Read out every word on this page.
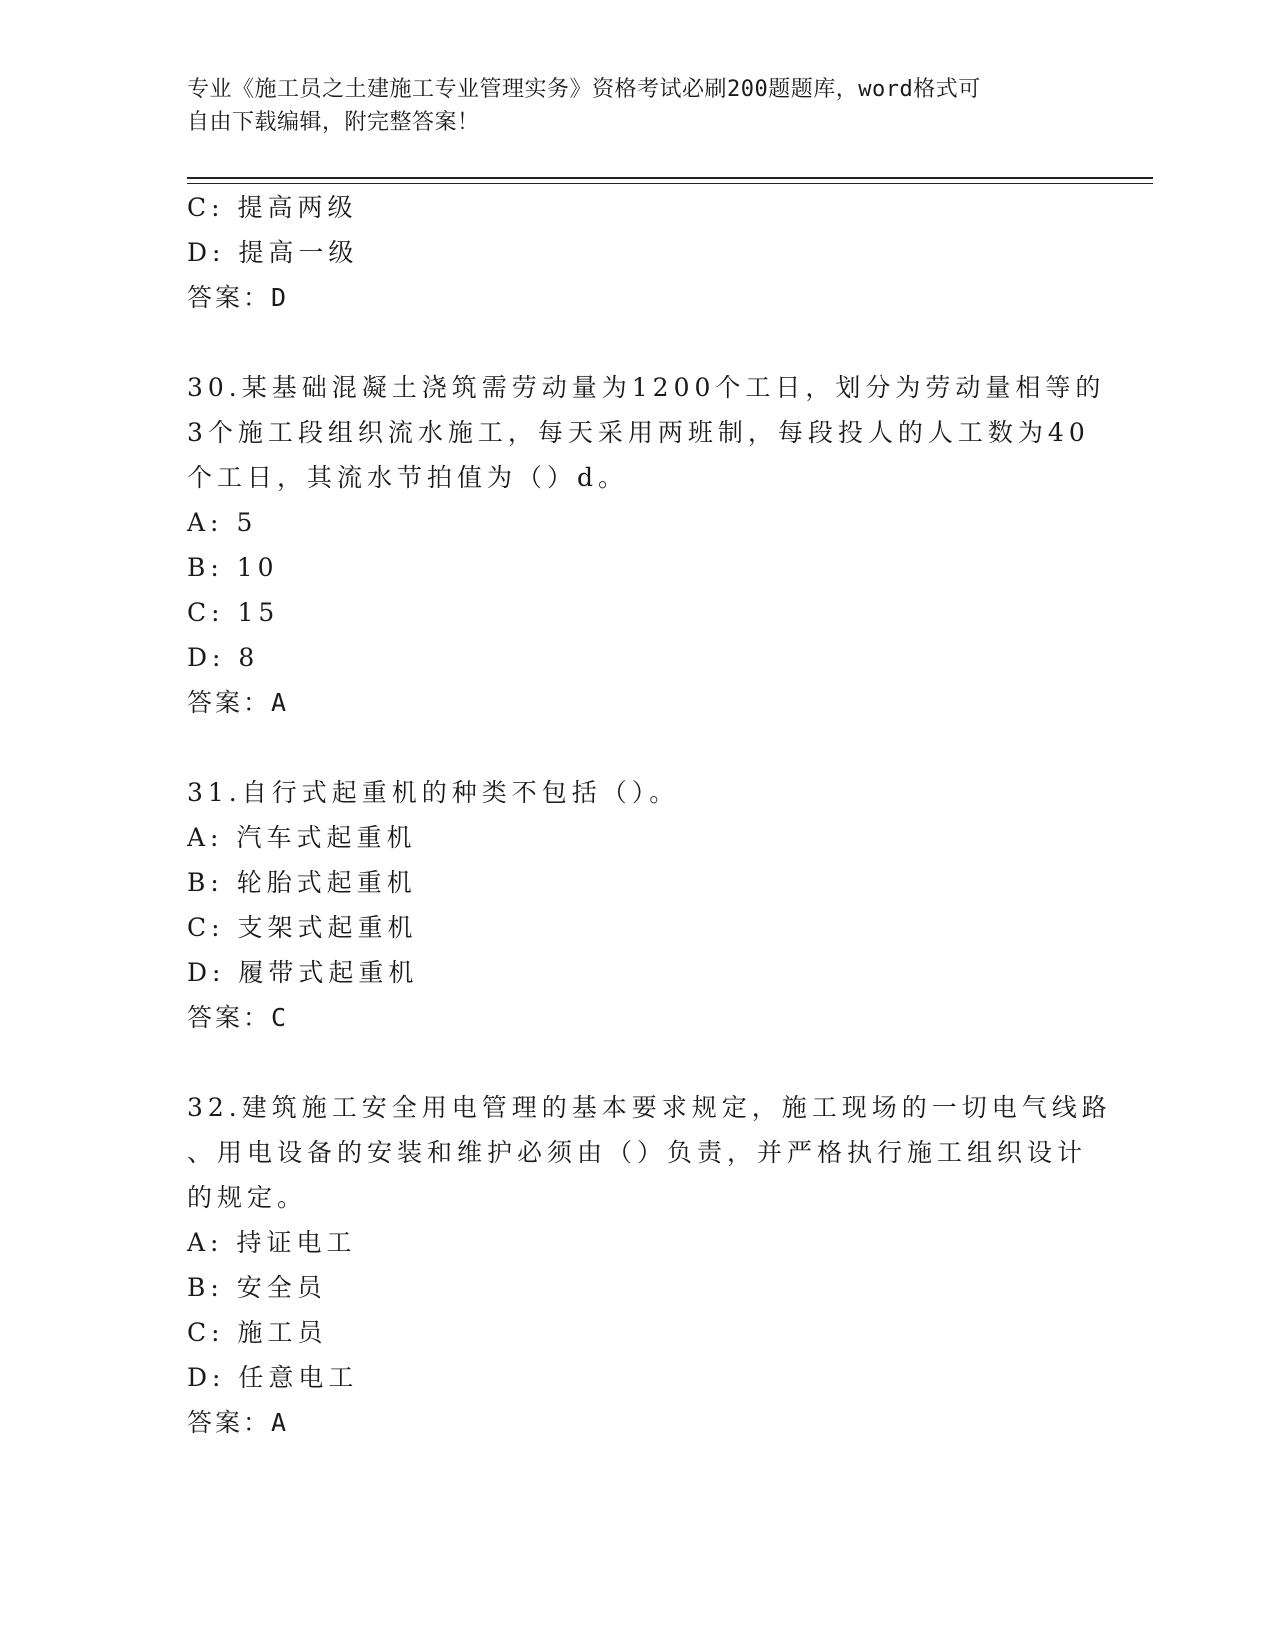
专业《施工员之土建施工专业管理实务》资格考试必刷200题题库，word格式可
自由下载编辑，附完整答案！
C: 提高两级
D: 提高一级
答案：D
30.某基础混凝土浇筑需劳动量为1200个工日，划分为劳动量相等的
3个施工段组织流水施工，每天采用两班制，每段投人的人工数为40
个工日，其流水节拍值为（）d。
A: 5
B: 10
C: 15
D: 8
答案：A
31.自行式起重机的种类不包括（）。
A: 汽车式起重机
B: 轮胎式起重机
C: 支架式起重机
D: 履带式起重机
答案：C
32.建筑施工安全用电管理的基本要求规定，施工现场的一切电气线路
、用电设备的安装和维护必须由（）负责，并严格执行施工组织设计
的规定。
A: 持证电工
B: 安全员
C: 施工员
D: 任意电工
答案：A
